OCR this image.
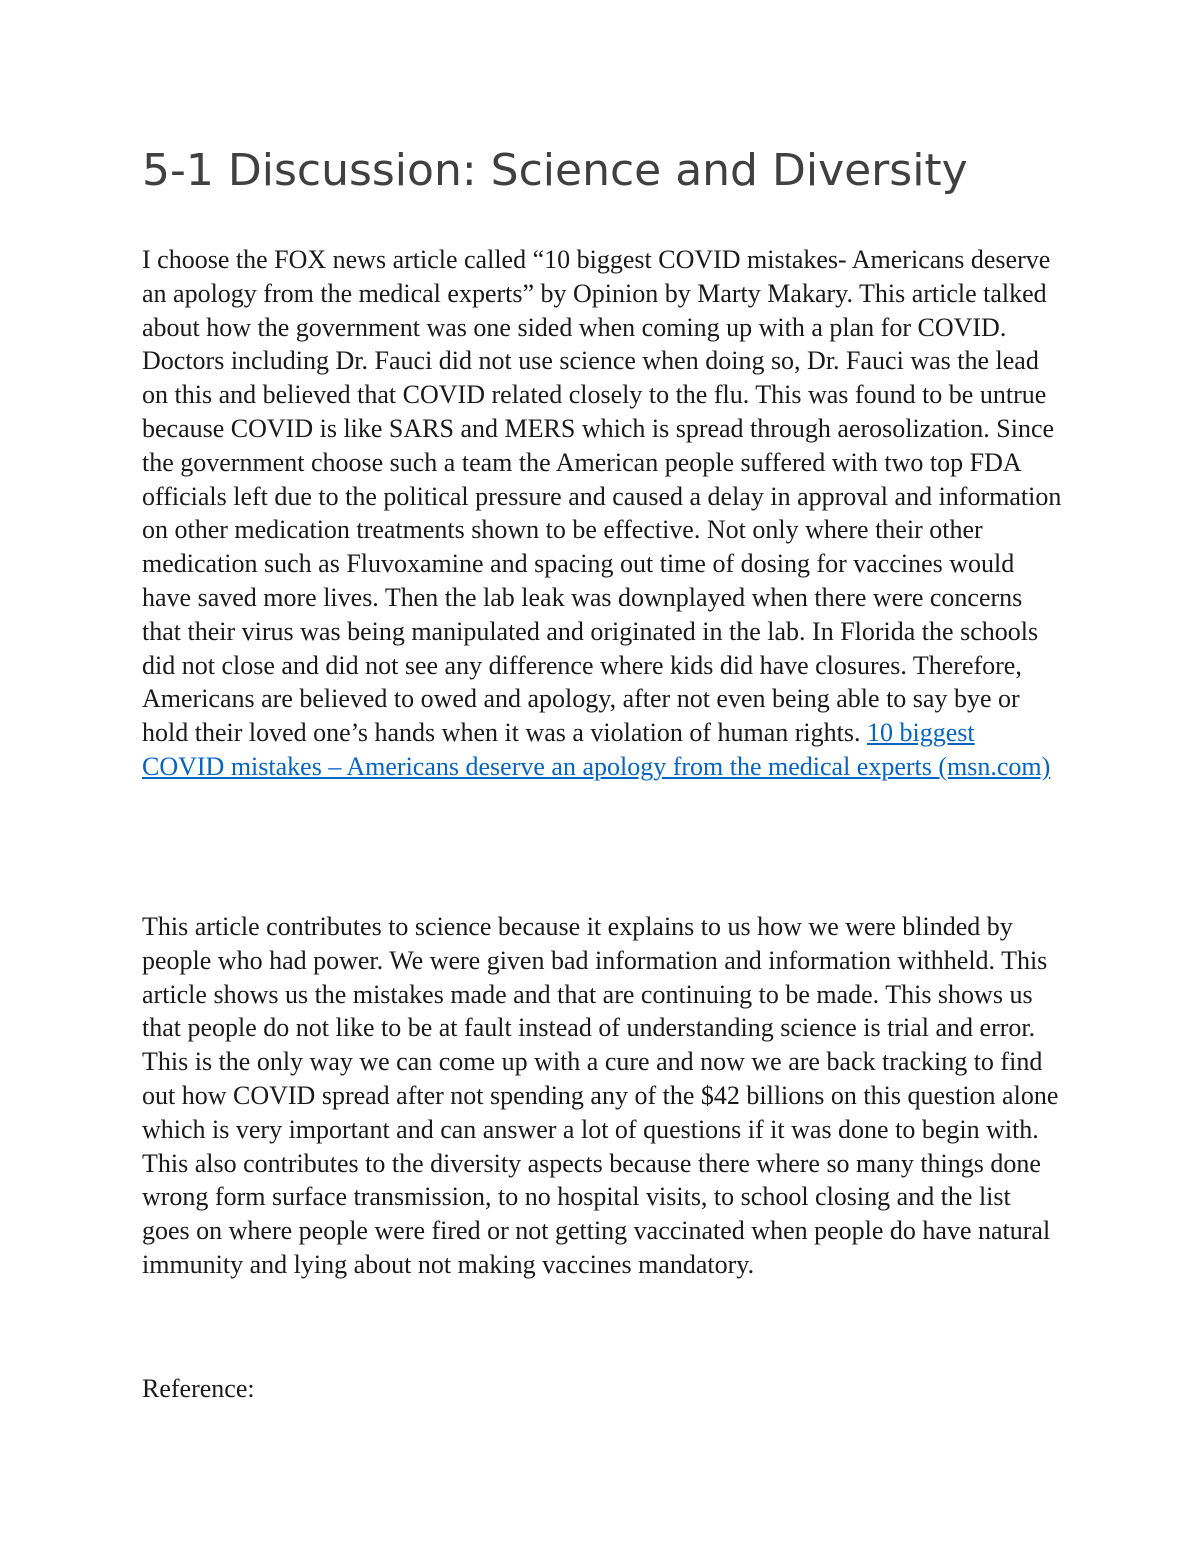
5-1 Discussion: Science and Diversity

I choose the FOX news article called “10 biggest COVID mistakes- Americans deserve an apology from the medical experts” by Opinion by Marty Makary. This article talked about how the government was one sided when coming up with a plan for COVID. Doctors including Dr. Fauci did not use science when doing so, Dr. Fauci was the lead on this and believed that COVID related closely to the flu. This was found to be untrue because COVID is like SARS and MERS which is spread through aerosolization. Since the government choose such a team the American people suffered with two top FDA officials left due to the political pressure and caused a delay in approval and information on other medication treatments shown to be effective. Not only where their other medication such as Fluvoxamine and spacing out time of dosing for vaccines would have saved more lives. Then the lab leak was downplayed when there were concerns that their virus was being manipulated and originated in the lab. In Florida the schools did not close and did not see any difference where kids did have closures. Therefore, Americans are believed to owed and apology, after not even being able to say bye or hold their loved one’s hands when it was a violation of human rights. 10 biggest COVID mistakes – Americans deserve an apology from the medical experts (msn.com)

This article contributes to science because it explains to us how we were blinded by people who had power. We were given bad information and information withheld. This article shows us the mistakes made and that are continuing to be made. This shows us that people do not like to be at fault instead of understanding science is trial and error. This is the only way we can come up with a cure and now we are back tracking to find out how COVID spread after not spending any of the $42 billions on this question alone which is very important and can answer a lot of questions if it was done to begin with. This also contributes to the diversity aspects because there where so many things done wrong form surface transmission, to no hospital visits, to school closing and the list goes on where people were fired or not getting vaccinated when people do have natural immunity and lying about not making vaccines mandatory.

Reference:
